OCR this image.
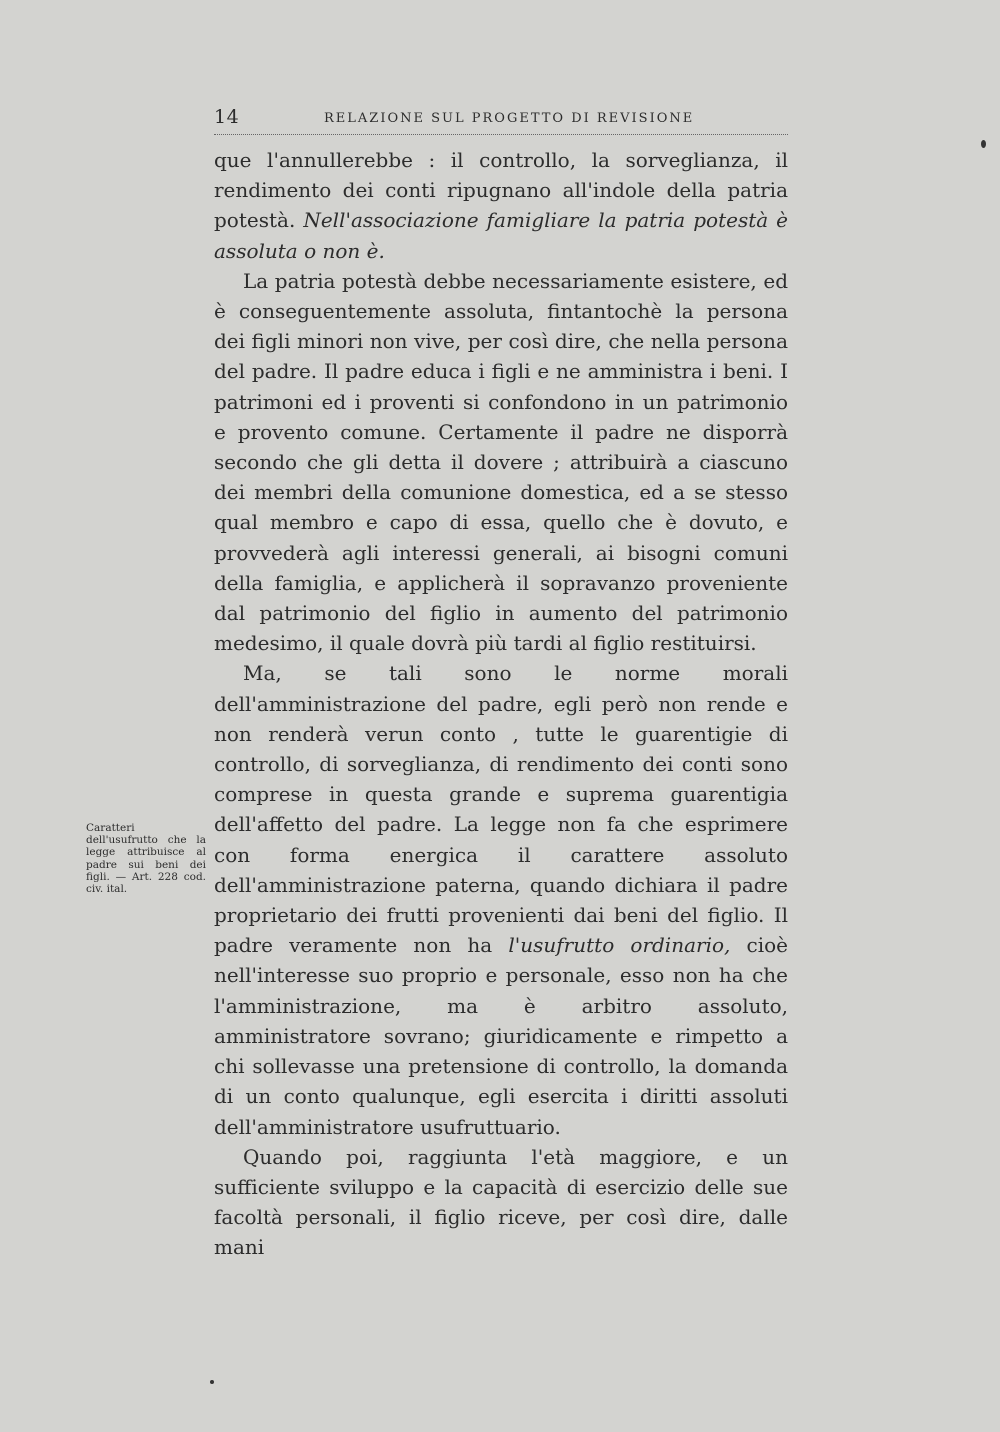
14	RELAZIONE SUL PROGETTO DI REVISIONE

que l'annullerebbe : il controllo, la sorveglianza, il rendimento dei conti ripugnano all'indole della patria potestà. Nell'associazione famigliare la patria potestà è assoluta o non è.

La patria potestà debbe necessariamente esistere, ed è conseguentemente assoluta, fintantochè la persona dei figli minori non vive, per così dire, che nella persona del padre. Il padre educa i figli e ne amministra i beni. I patrimoni ed i proventi si confondono in un patrimonio e provento comune. Certamente il padre ne disporrà secondo che gli detta il dovere ; attribuirà a ciascuno dei membri della comunione domestica, ed a se stesso qual membro e capo di essa, quello che è dovuto, e provvederà agli interessi generali, ai bisogni comuni della famiglia, e applicherà il sopravanzo proveniente dal patrimonio del figlio in aumento del patrimonio medesimo, il quale dovrà più tardi al figlio restituirsi.

Ma, se tali sono le norme morali dell'amministrazione del padre, egli però non rende e non renderà verun conto , tutte le guarentigie di controllo, di sorveglianza, di rendimento dei conti sono comprese in questa grande e suprema guarentigia dell'affetto del padre. La legge non fa che esprimere con forma energica il carattere assoluto dell'amministrazione paterna, quando dichiara il padre proprietario dei frutti provenienti dai beni del figlio. Il padre veramente non ha l'usufrutto ordinario, cioè nell'interesse suo proprio e personale, esso non ha che l'amministrazione, ma è arbitro assoluto, amministratore sovrano; giuridicamente e rimpetto a chi sollevasse una pretensione di controllo, la domanda di un conto qualunque, egli esercita i diritti assoluti dell'amministratore usufruttuario.

Quando poi, raggiunta l'età maggiore, e un sufficiente sviluppo e la capacità di esercizio delle sue facoltà personali, il figlio riceve, per così dire, dalle mani

Caratteri dell'usufrutto che la legge attribuisce al padre sui beni dei figli. — Art. 228 cod. civ. ital.
